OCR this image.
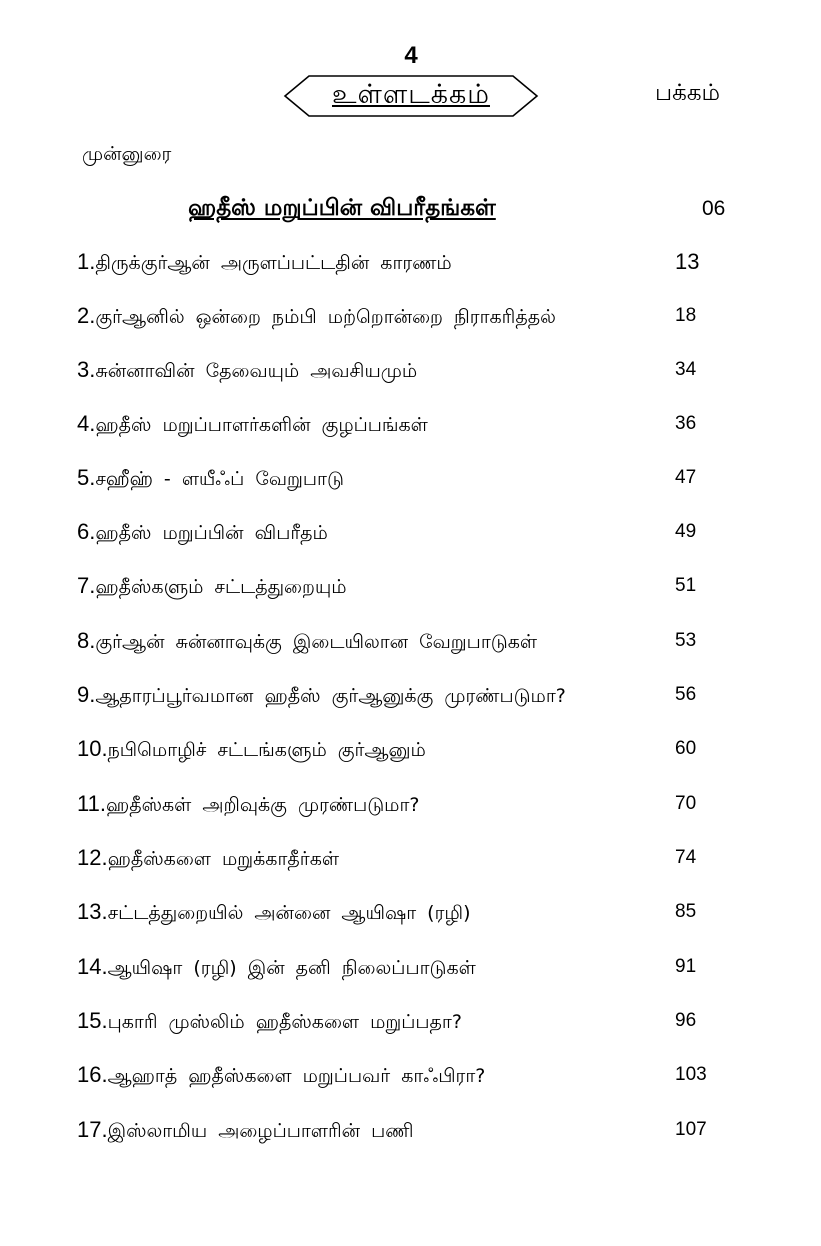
4
உள்ளடக்கம்	பக்கம்
முன்னுரை
ஹதீஸ் மறுப்பின் விபரீதங்கள்	06
1.திருக்குர்ஆன் அருளப்பட்டதின் காரணம்	13
2.குர்ஆனில் ஒன்றை நம்பி மற்றொன்றை நிராகரித்தல்	18
3.சுன்னாவின் தேவையும் அவசியமும்	34
4.ஹதீஸ் மறுப்பாளர்களின் குழப்பங்கள்	36
5.சஹீஹ் - ளயீஃப் வேறுபாடு	47
6.ஹதீஸ் மறுப்பின் விபரீதம்	49
7.ஹதீஸ்களும் சட்டத்துறையும்	51
8.குர்ஆன் சுன்னாவுக்கு இடையிலான வேறுபாடுகள்	53
9.ஆதாரப்பூர்வமான ஹதீஸ் குர்ஆனுக்கு முரண்படுமா?	56
10.நபிமொழிச் சட்டங்களும் குர்ஆனும்	60
11.ஹதீஸ்கள் அறிவுக்கு முரண்படுமா?	70
12.ஹதீஸ்களை மறுக்காதீர்கள்	74
13.சட்டத்துறையில் அன்னை ஆயிஷா (ரழி)	85
14.ஆயிஷா (ரழி) இன் தனி நிலைப்பாடுகள்	91
15.புகாரி முஸ்லிம் ஹதீஸ்களை மறுப்பதா?	96
16.ஆஹாத் ஹதீஸ்களை மறுப்பவர் காஃபிரா?	103
17.இஸ்லாமிய அழைப்பாளரின் பணி	107
